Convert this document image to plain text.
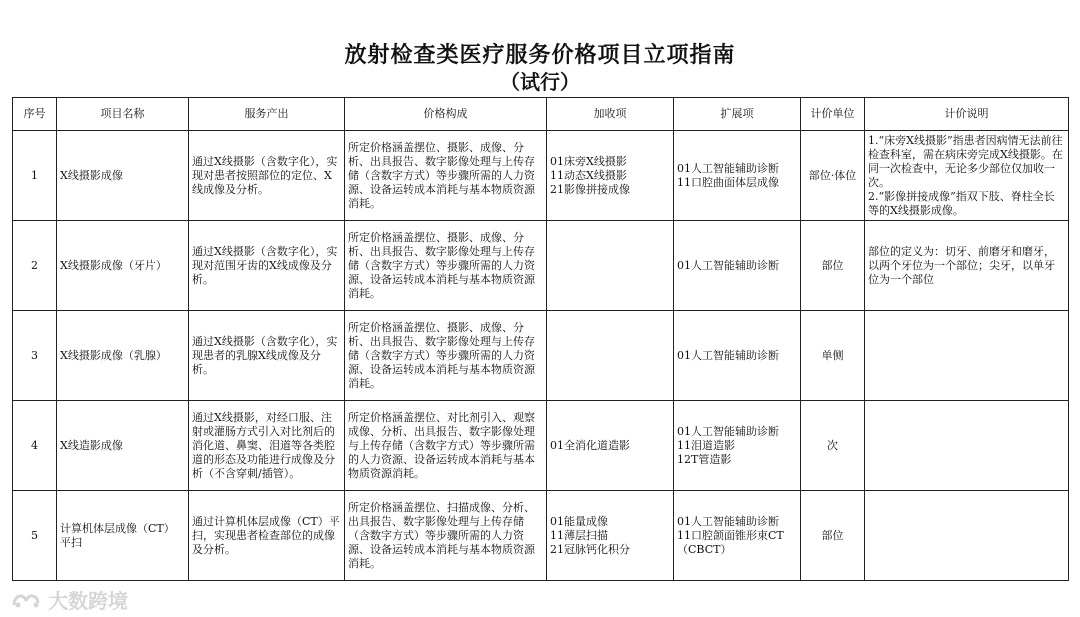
放射检查类医疗服务价格项目立项指南
（试行）
序号	项目名称	服务产出	价格构成	加收项	扩展项	计价单位	计价说明
1	X线摄影成像	通过X线摄影（含数字化），实现对患者按照部位的定位、X线成像及分析。	所定价格涵盖摆位、摄影、成像、分析、出具报告、数字影像处理与上传存储（含数字方式）等步骤所需的人力资源、设备运转成本消耗与基本物质资源消耗。	01床旁X线摄影
11动态X线摄影
21影像拼接成像	01人工智能辅助诊断
11口腔曲面体层成像	部位·体位	1.“床旁X线摄影”指患者因病情无法前往检查科室，需在病床旁完成X线摄影。在同一次检查中，无论多少部位仅加收一次。
2.“影像拼接成像”指双下肢、脊柱全长等的X线摄影成像。

2	X线摄影成像（牙片）	通过X线摄影（含数字化），实现对范围牙齿的X线成像及分析。	所定价格涵盖摆位、摄影、成像、分析、出具报告、数字影像处理与上传存储（含数字方式）等步骤所需的人力资源、设备运转成本消耗与基本物质资源消耗。		01人工智能辅助诊断	部位	部位的定义为：切牙、前磨牙和磨牙，以两个牙位为一个部位；尖牙，以单牙位为一个部位

3	X线摄影成像（乳腺）	通过X线摄影（含数字化），实现患者的乳腺X线成像及分析。	所定价格涵盖摆位、摄影、成像、分析、出具报告、数字影像处理与上传存储（含数字方式）等步骤所需的人力资源、设备运转成本消耗与基本物质资源消耗。		01人工智能辅助诊断	单侧	
4	X线造影成像	通过X线摄影，对经口服、注射或灌肠方式引入对比剂后的消化道、鼻窦、泪道等各类腔道的形态及功能进行成像及分析（不含穿刺/插管）。	所定价格涵盖摆位、对比剂引入、观察成像、分析、出具报告、数字影像处理与上传存储（含数字方式）等步骤所需的人力资源、设备运转成本消耗与基本物质资源消耗。	01全消化道造影	01人工智能辅助诊断
11泪道造影
12T管造影	次	
5	计算机体层成像（CT）平扫	通过计算机体层成像（CT）平扫，实现患者检查部位的成像及分析。	所定价格涵盖摆位、扫描成像、分析、出具报告、数字影像处理与上传存储（含数字方式）等步骤所需的人力资源、设备运转成本消耗与基本物质资源消耗。	01能量成像
11薄层扫描
21冠脉钙化积分	01人工智能辅助诊断
11口腔颌面锥形束CT（CBCT）	部位	
大数跨境
